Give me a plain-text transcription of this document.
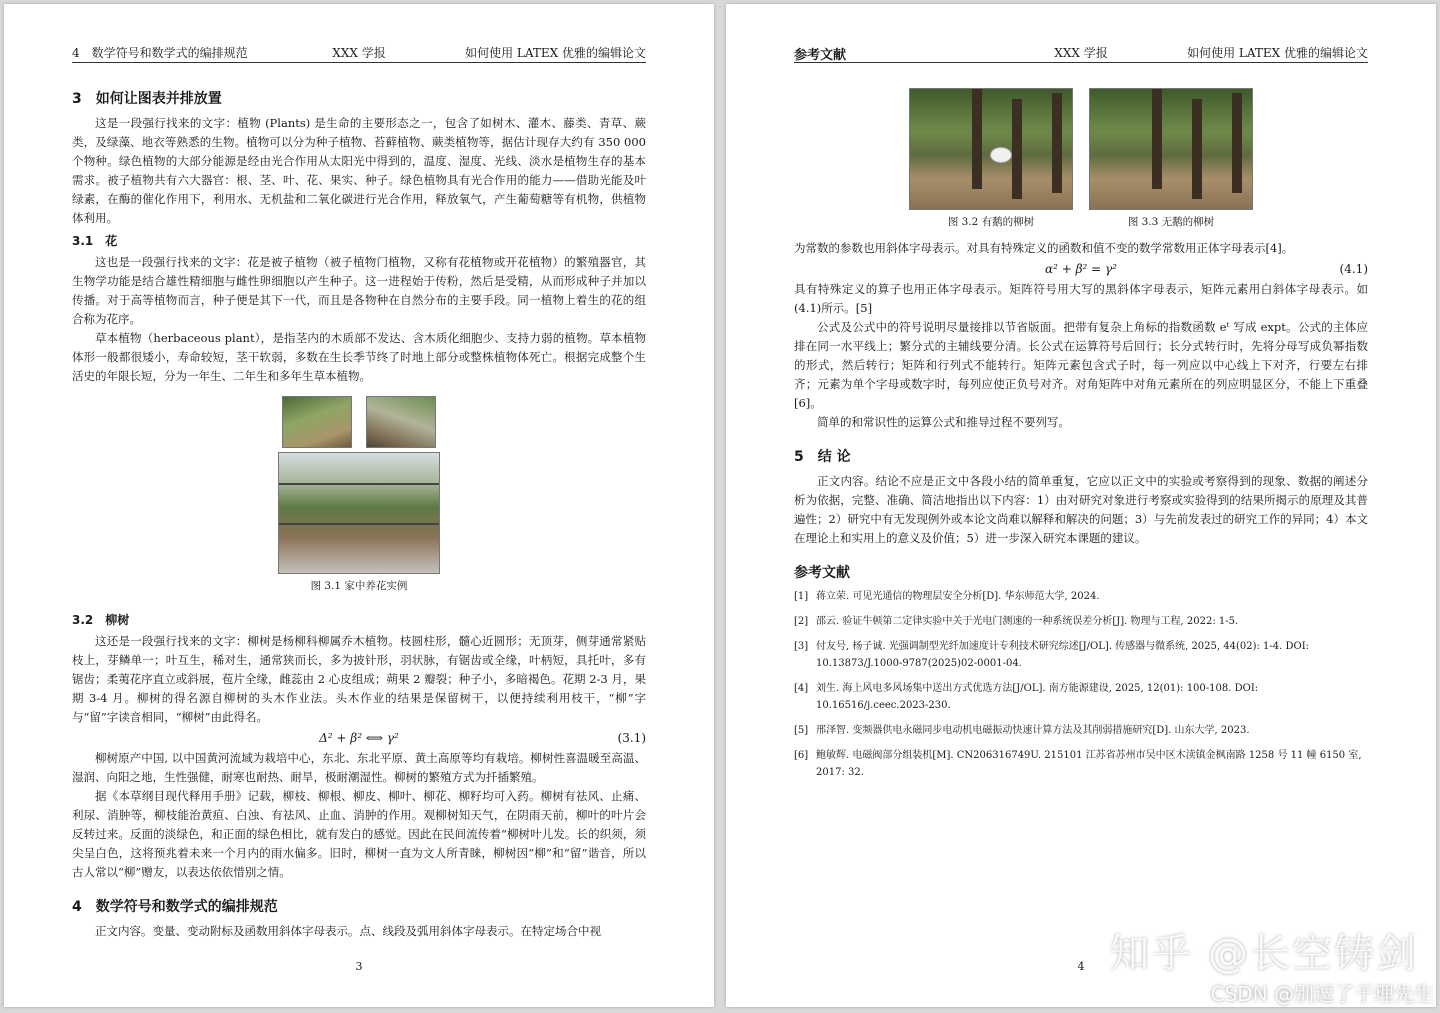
4　数学符号和数学式的编排规范	XXX 学报	如何使用 LATEX 优雅的编辑论文
3　如何让图表并排放置

这是一段强行找来的文字：植物 (Plants) 是生命的主要形态之一，包含了如树木、灌木、藤类、青草、蕨类，及绿藻、地衣等熟悉的生物。植物可以分为种子植物、苔藓植物、蕨类植物等，据估计现存大约有 350 000 个物种。绿色植物的大部分能源是经由光合作用从太阳光中得到的，温度、湿度、光线、淡水是植物生存的基本需求。被子植物共有六大器官：根、茎、叶、花、果实、种子。绿色植物具有光合作用的能力——借助光能及叶绿素，在酶的催化作用下，利用水、无机盐和二氧化碳进行光合作用，释放氧气，产生葡萄糖等有机物，供植物体利用。

3.1　花

这也是一段强行找来的文字：花是被子植物（被子植物门植物，又称有花植物或开花植物）的繁殖器官，其生物学功能是结合雄性精细胞与雌性卵细胞以产生种子。这一进程始于传粉，然后是受精，从而形成种子并加以传播。对于高等植物而言，种子便是其下一代，而且是各物种在自然分布的主要手段。同一植物上着生的花的组合称为花序。

草本植物（herbaceous plant），是指茎内的木质部不发达、含木质化细胞少、支持力弱的植物。草本植物体形一般都很矮小，寿命较短，茎干软弱，多数在生长季节终了时地上部分或整株植物体死亡。根据完成整个生活史的年限长短，分为一年生、二年生和多年生草本植物。

图 3.1 家中养花实例
3.2　柳树

这还是一段强行找来的文字：柳树是杨柳科柳属乔木植物。枝圆柱形，髓心近圆形；无顶芽，侧芽通常紧贴枝上，芽鳞单一；叶互生，稀对生，通常狭而长，多为披针形，羽状脉，有锯齿或全缘，叶柄短，具托叶，多有锯齿；柔荑花序直立或斜展，苞片全缘，雌蕊由 2 心皮组成；蒴果 2 瓣裂；种子小，多暗褐色。花期 2-3 月，果期 3-4 月。柳树的得名源自柳树的头木作业法。头木作业的结果是保留树干，以便持续利用枝干，“柳”字与“留”字读音相同，“柳树”由此得名。

Δ² + β² ⟺ γ²	(3.1)

柳树原产中国, 以中国黄河流域为栽培中心，东北、东北平原、黄土高原等均有栽培。柳树性喜温暖至高温、湿润、向阳之地，生性强健，耐寒也耐热、耐旱，极耐潮湿性。柳树的繁殖方式为扦插繁殖。

据《本草纲目现代释用手册》记载，柳枝、柳根、柳皮、柳叶、柳花、柳籽均可入药。柳树有祛风、止痛、利尿、消肿等，柳枝能治黄疸、白浊、有祛风、止血、消肿的作用。观柳树知天气，在阴雨天前，柳叶的叶片会反转过来。反面的淡绿色，和正面的绿色相比，就有发白的感觉。因此在民间流传着“柳树叶儿发。长的织须，须尖呈白色，这将预兆着未来一个月内的雨水偏多。旧时，柳树一直为文人所青睐，柳树因“柳”和“留”谐音，所以古人常以“柳”赠友，以表达依依惜别之情。

4　数学符号和数学式的编排规范

正文内容。变量、变动附标及函数用斜体字母表示。点、线段及弧用斜体字母表示。在特定场合中视

3
参考文献	XXX 学报	如何使用 LATEX 优雅的编辑论文
图 3.2 有鹅的柳树	图 3.3 无鹅的柳树

为常数的参数也用斜体字母表示。对具有特殊定义的函数和值不变的数学常数用正体字母表示[4]。

α² + β² = γ²	(4.1)

具有特殊定义的算子也用正体字母表示。矩阵符号用大写的黑斜体字母表示，矩阵元素用白斜体字母表示。如(4.1)所示。[5]

公式及公式中的符号说明尽量接排以节省版面。把带有复杂上角标的指数函数 eᵗ 写成 expt。公式的主体应排在同一水平线上；繁分式的主辅线要分清。长公式在运算符号后回行；长分式转行时，先将分母写成负幂指数的形式，然后转行；矩阵和行列式不能转行。矩阵元素包含式子时，每一列应以中心线上下对齐，行要左右排齐；元素为单个字母或数字时，每列应使正负号对齐。对角矩阵中对角元素所在的列应明显区分，不能上下重叠[6]。

简单的和常识性的运算公式和推导过程不要列写。

5　结 论

正文内容。结论不应是正文中各段小结的简单重复，它应以正文中的实验或考察得到的现象、数据的阐述分析为依据，完整、准确、简洁地指出以下内容：1）由对研究对象进行考察或实验得到的结果所揭示的原理及其普遍性；2）研究中有无发现例外或本论文尚难以解释和解决的问题；3）与先前发表过的研究工作的异同；4）本文在理论上和实用上的意义及价值；5）进一步深入研究本课题的建议。

参考文献
[1] 蒋立荣. 可见光通信的物理层安全分析[D]. 华东师范大学, 2024.
[2] 邵云. 验证牛顿第二定律实验中关于光电门测速的一种系统误差分析[J]. 物理与工程, 2022: 1-5.
[3] 付友号, 杨子诚. 光强调制型光纤加速度计专利技术研究综述[J/OL]. 传感器与微系统, 2025, 44(02): 1-4. DOI: 10.13873/J.1000-9787(2025)02-0001-04.
[4] 刘生. 海上风电多风场集中送出方式优选方法[J/OL]. 南方能源建设, 2025, 12(01): 100-108. DOI: 10.16516/j.ceec.2023-230.
[5] 邢泽智. 变频器供电永磁同步电动机电磁振动快速计算方法及其削弱措施研究[D]. 山东大学, 2023.
[6] 鲍敏辉. 电磁阀部分组装机[M]. CN206316749U. 215101 江苏省苏州市吴中区木渎镇金枫南路 1258 号 11 幢 6150 室, 2017: 32.
4 知乎 @长空铸剑
CSDN @别逗了于理先生
